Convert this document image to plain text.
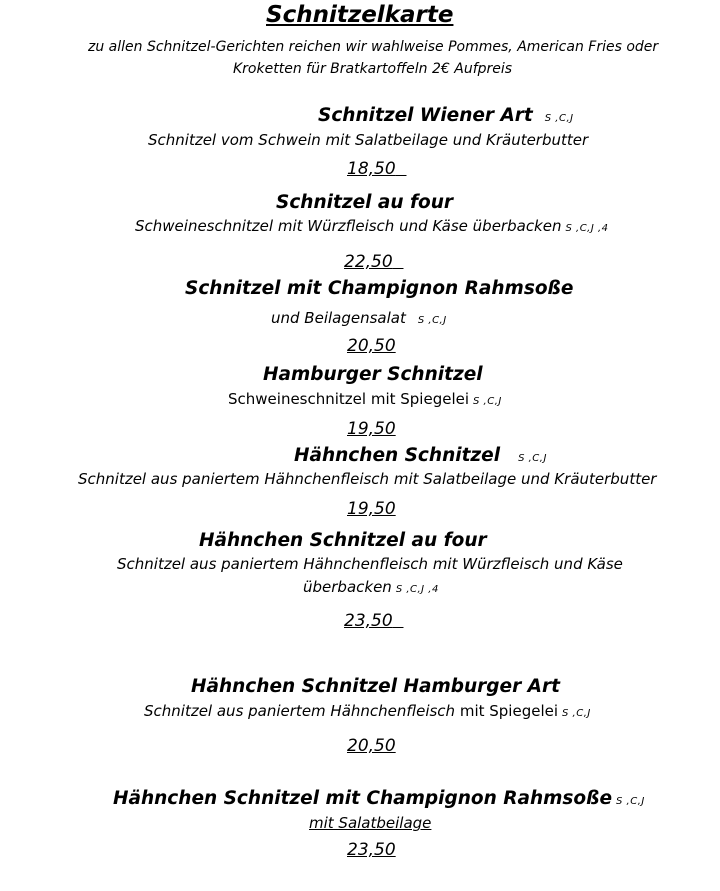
Schnitzelkarte
zu allen Schnitzel-Gerichten reichen wir wahlweise Pommes, American Fries oder
Kroketten für Bratkartoffeln 2€ Aufpreis
Schnitzel Wiener Art S ,C,J
Schnitzel vom Schwein mit Salatbeilage und Kräuterbutter
18,50
Schnitzel au four
Schweineschnitzel mit Würzfleisch und Käse überbacken S ,C,J ,4
22,50
Schnitzel mit Champignon Rahmsoße
und Beilagensalat S ,C,J
20,50
Hamburger Schnitzel
Schweineschnitzel mit Spiegelei S ,C,J
19,50
Hähnchen Schnitzel S ,C,J
Schnitzel aus paniertem Hähnchenfleisch mit Salatbeilage und Kräuterbutter
19,50
Hähnchen Schnitzel au four
Schnitzel aus paniertem Hähnchenfleisch mit Würzfleisch und Käse
überbacken S ,C,J ,4
23,50
Hähnchen Schnitzel Hamburger Art
Schnitzel aus paniertem Hähnchenfleisch mit Spiegelei S ,C,J
20,50
Hähnchen Schnitzel mit Champignon Rahmsoße S ,C,J
mit Salatbeilage
23,50
